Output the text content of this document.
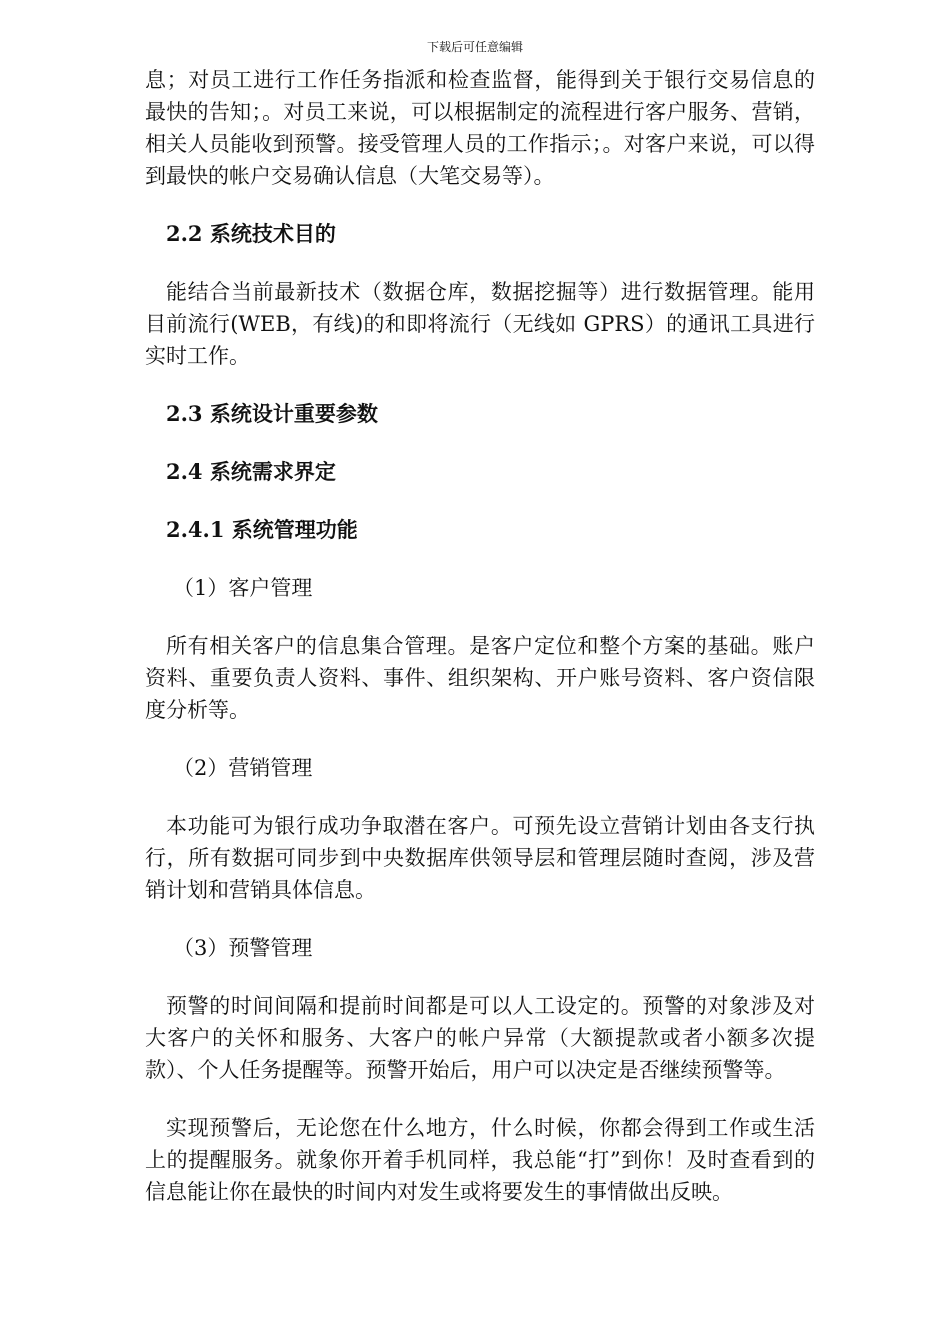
下载后可任意编辑

息；对员工进行工作任务指派和检查监督，能得到关于银行交易信息的最快的告知；。对员工来说，可以根据制定的流程进行客户服务、营销，相关人员能收到预警。接受管理人员的工作指示；。对客户来说，可以得到最快的帐户交易确认信息（大笔交易等）。

2.2 系统技术目的

能结合当前最新技术（数据仓库，数据挖掘等）进行数据管理。能用目前流行(WEB，有线)的和即将流行（无线如 GPRS）的通讯工具进行实时工作。

2.3 系统设计重要参数

2.4 系统需求界定

2.4.1 系统管理功能

（1）客户管理

所有相关客户的信息集合管理。是客户定位和整个方案的基础。账户资料、重要负责人资料、事件、组织架构、开户账号资料、客户资信限度分析等。

（2）营销管理

本功能可为银行成功争取潜在客户。可预先设立营销计划由各支行执行，所有数据可同步到中央数据库供领导层和管理层随时查阅，涉及营销计划和营销具体信息。

（3）预警管理

预警的时间间隔和提前时间都是可以人工设定的。预警的对象涉及对大客户的关怀和服务、大客户的帐户异常（大额提款或者小额多次提款）、个人任务提醒等。预警开始后，用户可以决定是否继续预警等。

实现预警后，无论您在什么地方，什么时候，你都会得到工作或生活上的提醒服务。就象你开着手机同样，我总能“打”到你！及时查看到的信息能让你在最快的时间内对发生或将要发生的事情做出反映。
